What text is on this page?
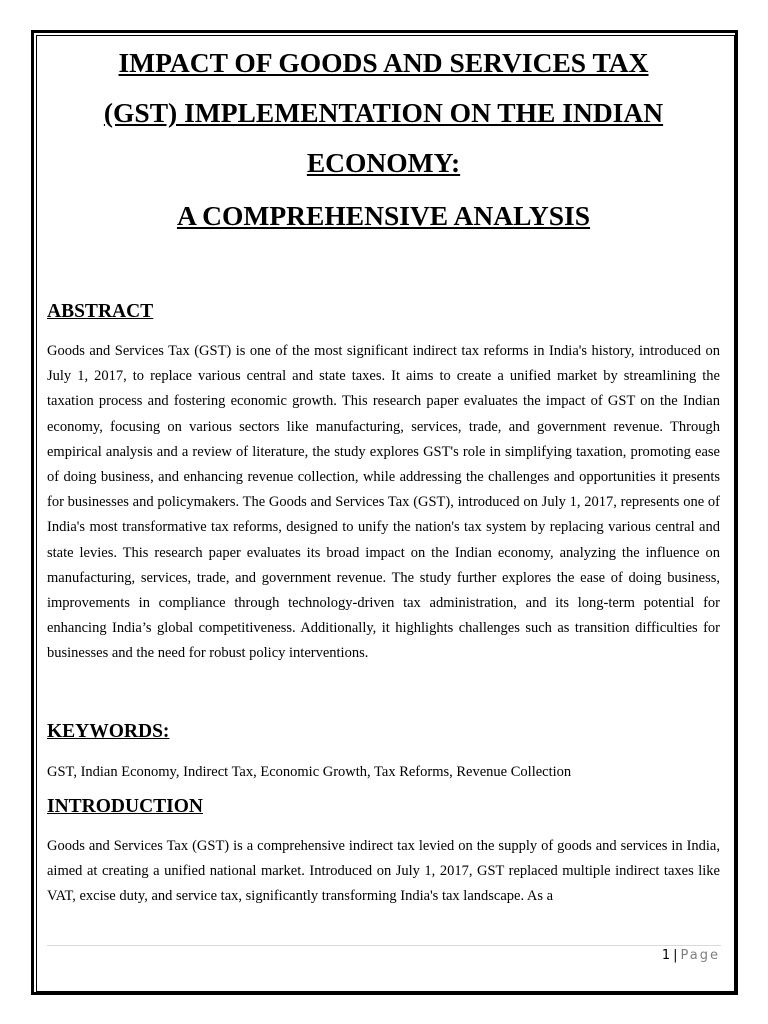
IMPACT OF GOODS AND SERVICES TAX
(GST) IMPLEMENTATION ON THE INDIAN
ECONOMY:
A COMPREHENSIVE ANALYSIS
ABSTRACT

Goods and Services Tax (GST) is one of the most significant indirect tax reforms in India's history, introduced on July 1, 2017, to replace various central and state taxes. It aims to create a unified market by streamlining the taxation process and fostering economic growth. This research paper evaluates the impact of GST on the Indian economy, focusing on various sectors like manufacturing, services, trade, and government revenue. Through empirical analysis and a review of literature, the study explores GST's role in simplifying taxation, promoting ease of doing business, and enhancing revenue collection, while addressing the challenges and opportunities it presents for businesses and policymakers. The Goods and Services Tax (GST), introduced on July 1, 2017, represents one of India's most transformative tax reforms, designed to unify the nation's tax system by replacing various central and state levies. This research paper evaluates its broad impact on the Indian economy, analyzing the influence on manufacturing, services, trade, and government revenue. The study further explores the ease of doing business, improvements in compliance through technology-driven tax administration, and its long-term potential for enhancing India’s global competitiveness. Additionally, it highlights challenges such as transition difficulties for businesses and the need for robust policy interventions.

KEYWORDS:

GST, Indian Economy, Indirect Tax, Economic Growth, Tax Reforms, Revenue Collection

INTRODUCTION

Goods and Services Tax (GST) is a comprehensive indirect tax levied on the supply of goods and services in India, aimed at creating a unified national market. Introduced on July 1, 2017, GST replaced multiple indirect taxes like VAT, excise duty, and service tax, significantly transforming India's tax landscape. As a

1 | Page
